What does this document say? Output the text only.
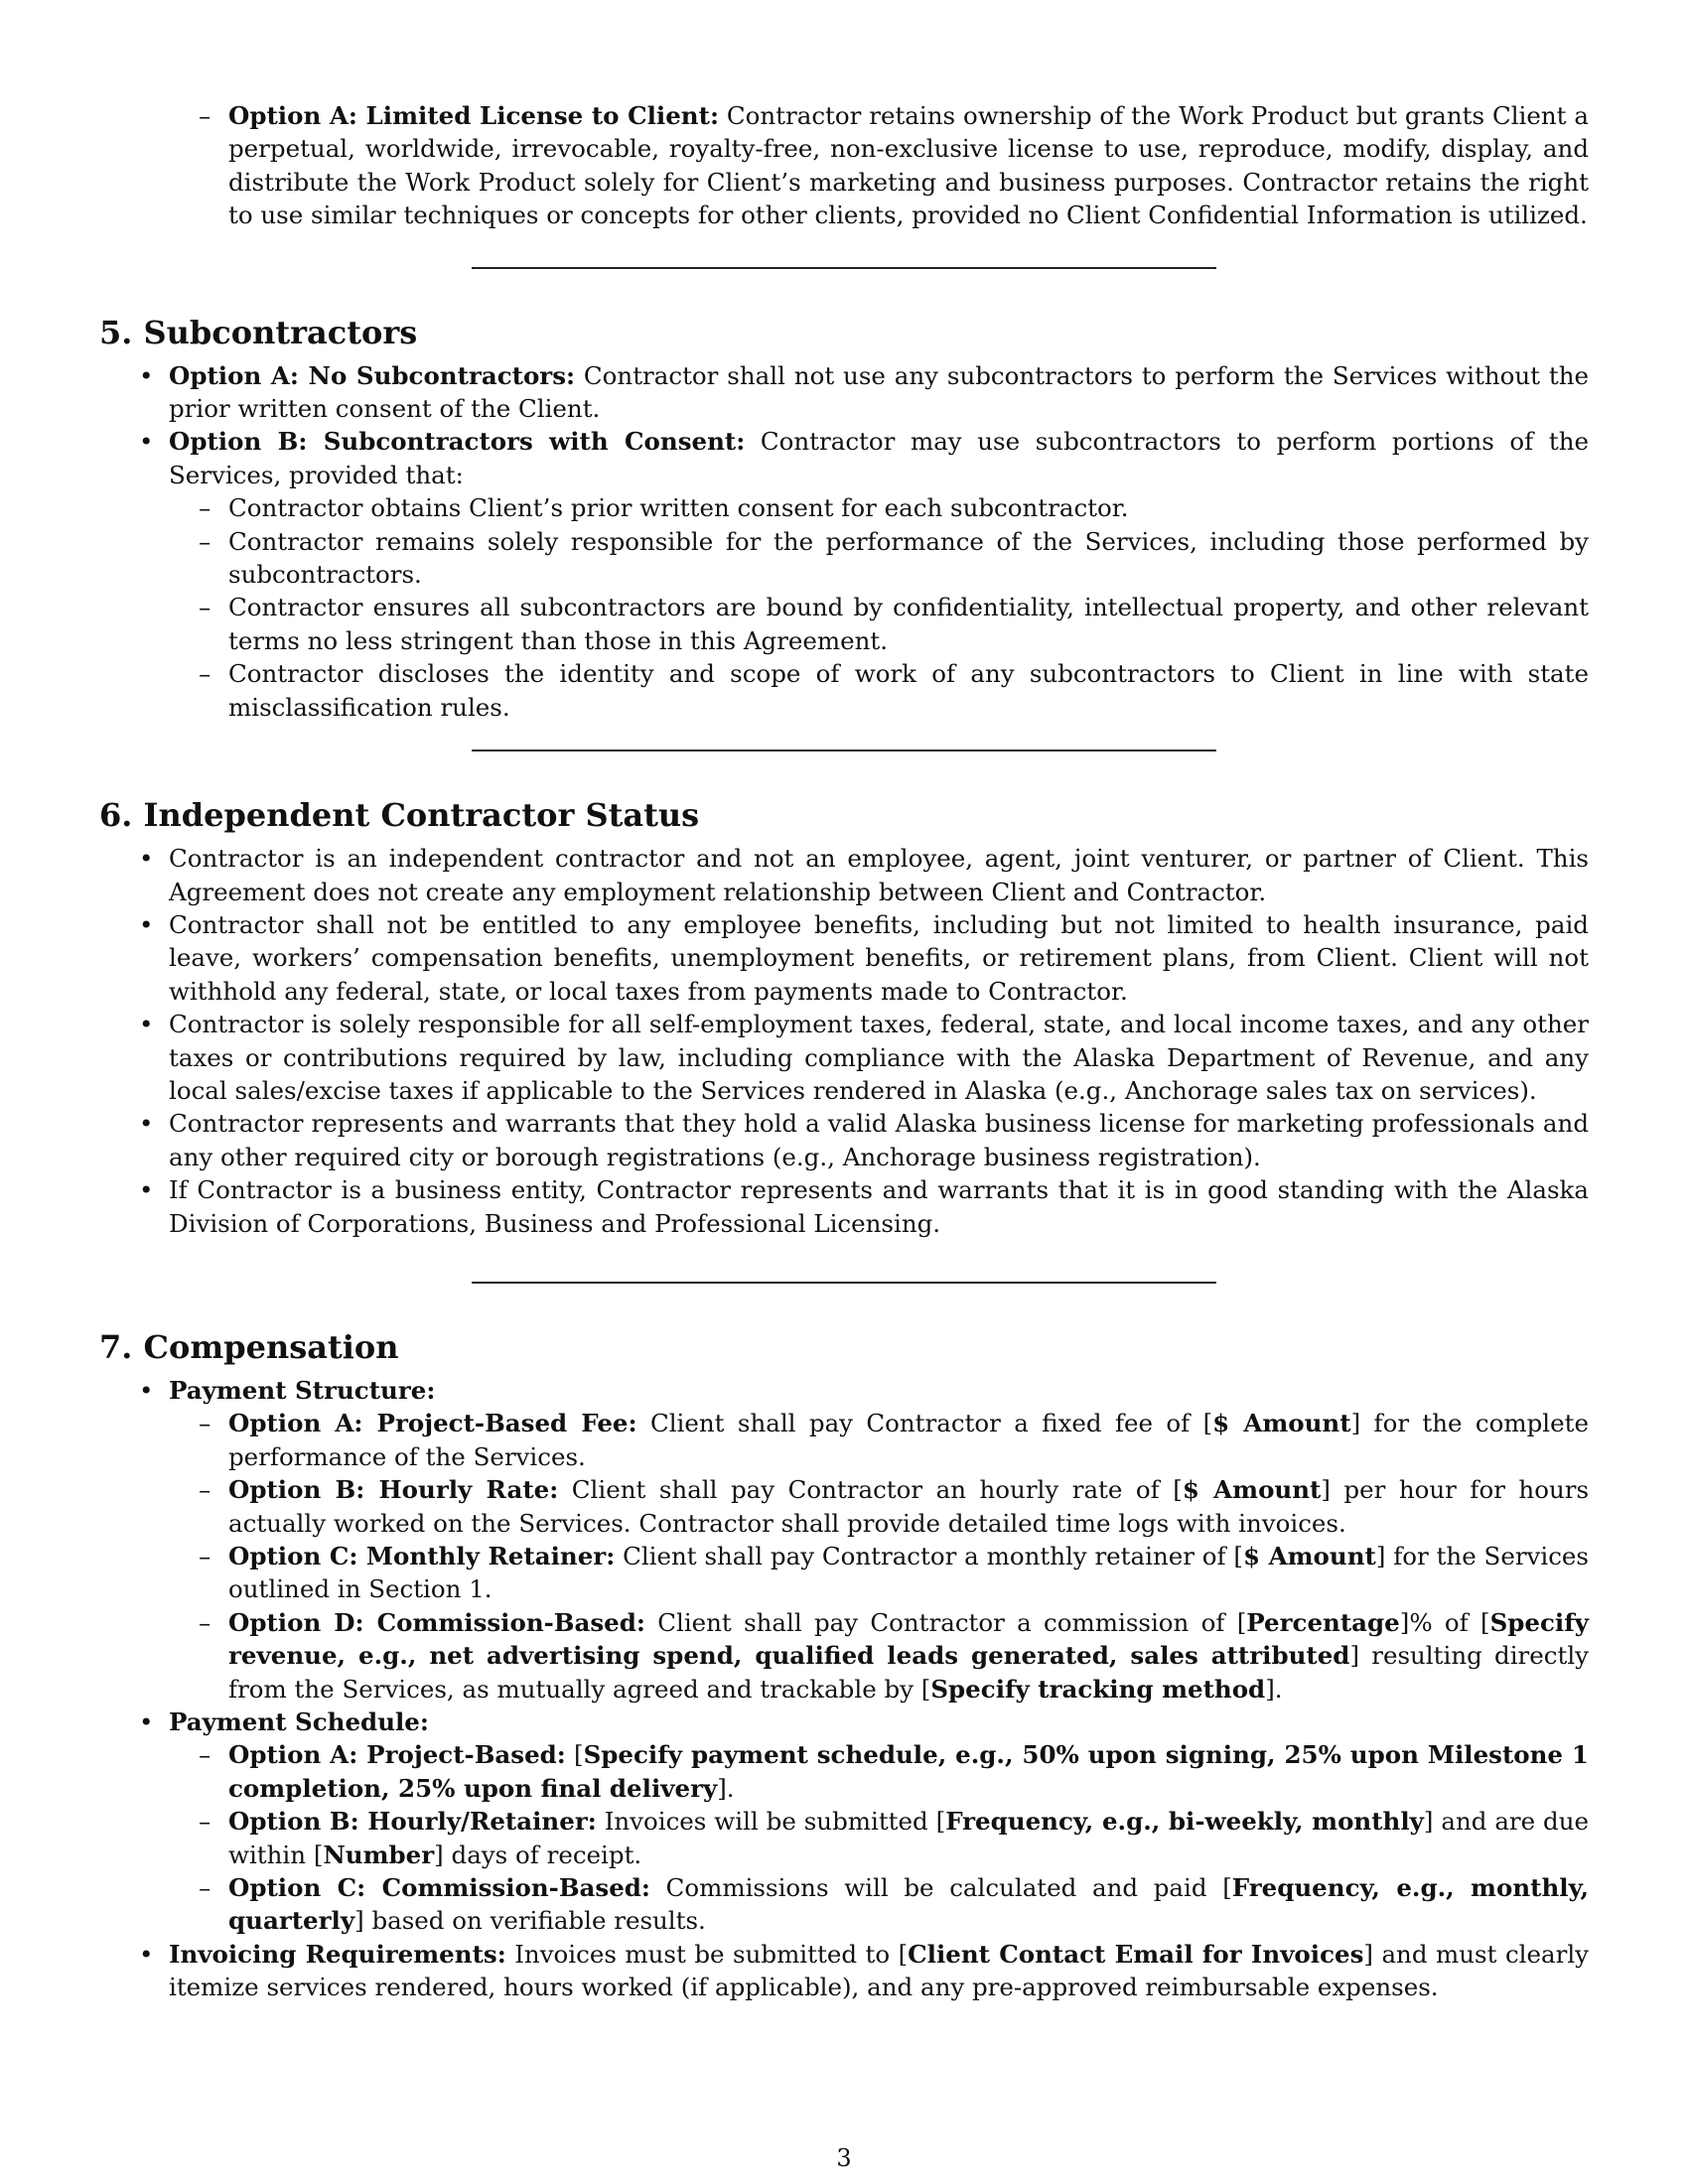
– Option A: Limited License to Client: Contractor retains ownership of the Work Product but grants Client a perpetual, worldwide, irrevocable, royalty-free, non-exclusive license to use, reproduce, modify, display, and distribute the Work Product solely for Client’s marketing and business purposes. Contractor retains the right to use similar techniques or concepts for other clients, provided no Client Confidential Information is utilized.
5. Subcontractors
• Option A: No Subcontractors: Contractor shall not use any subcontractors to perform the Services without the prior written consent of the Client.
• Option B: Subcontractors with Consent: Contractor may use subcontractors to perform portions of the Services, provided that:
– Contractor obtains Client’s prior written consent for each subcontractor.
– Contractor remains solely responsible for the performance of the Services, including those performed by subcontractors.
– Contractor ensures all subcontractors are bound by confidentiality, intellectual property, and other relevant terms no less stringent than those in this Agreement.
– Contractor discloses the identity and scope of work of any subcontractors to Client in line with state misclassification rules.
6. Independent Contractor Status
• Contractor is an independent contractor and not an employee, agent, joint venturer, or partner of Client. This Agreement does not create any employment relationship between Client and Contractor.
• Contractor shall not be entitled to any employee benefits, including but not limited to health insurance, paid leave, workers’ compensation benefits, unemployment benefits, or retirement plans, from Client. Client will not withhold any federal, state, or local taxes from payments made to Contractor.
• Contractor is solely responsible for all self-employment taxes, federal, state, and local income taxes, and any other taxes or contributions required by law, including compliance with the Alaska Department of Revenue, and any local sales/excise taxes if applicable to the Services rendered in Alaska (e.g., Anchorage sales tax on services).
• Contractor represents and warrants that they hold a valid Alaska business license for marketing professionals and any other required city or borough registrations (e.g., Anchorage business registration).
• If Contractor is a business entity, Contractor represents and warrants that it is in good standing with the Alaska Division of Corporations, Business and Professional Licensing.
7. Compensation
• Payment Structure:
– Option A: Project-Based Fee: Client shall pay Contractor a fixed fee of [$ Amount] for the complete performance of the Services.
– Option B: Hourly Rate: Client shall pay Contractor an hourly rate of [$ Amount] per hour for hours actually worked on the Services. Contractor shall provide detailed time logs with invoices.
– Option C: Monthly Retainer: Client shall pay Contractor a monthly retainer of [$ Amount] for the Services outlined in Section 1.
– Option D: Commission-Based: Client shall pay Contractor a commission of [Percentage]% of [Specify revenue, e.g., net advertising spend, qualified leads generated, sales attributed] resulting directly from the Services, as mutually agreed and trackable by [Specify tracking method].
• Payment Schedule:
– Option A: Project-Based: [Specify payment schedule, e.g., 50% upon signing, 25% upon Milestone 1 completion, 25% upon final delivery].
– Option B: Hourly/Retainer: Invoices will be submitted [Frequency, e.g., bi-weekly, monthly] and are due within [Number] days of receipt.
– Option C: Commission-Based: Commissions will be calculated and paid [Frequency, e.g., monthly, quarterly] based on verifiable results.
• Invoicing Requirements: Invoices must be submitted to [Client Contact Email for Invoices] and must clearly itemize services rendered, hours worked (if applicable), and any pre-approved reimbursable expenses.
3
